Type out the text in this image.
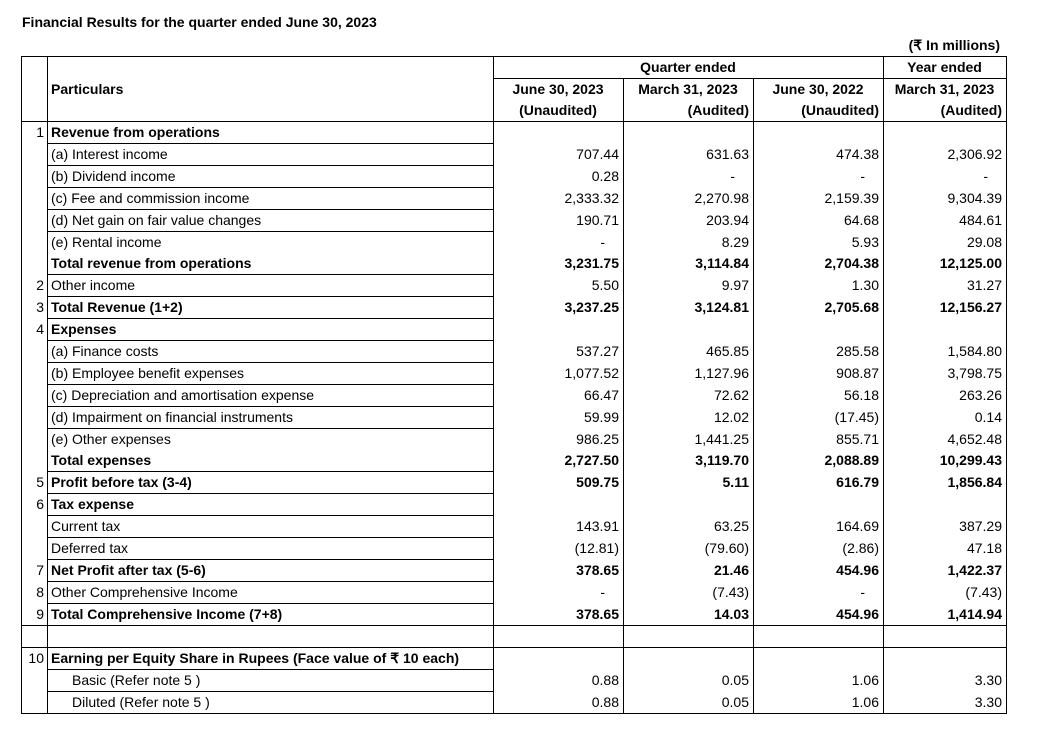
Financial Results for the quarter ended June 30, 2023
(₹ In millions)
			Quarter ended		Year ended
	Particulars	June 30, 2023	March 31, 2023	June 30, 2022	March 31, 2023
		(Unaudited)	(Audited)	(Unaudited)	(Audited)
1	Revenue from operations				
	(a) Interest income	707.44	631.63	474.38	2,306.92
	(b) Dividend income	0.28	-	-	-
	(c) Fee and commission income	2,333.32	2,270.98	2,159.39	9,304.39
	(d) Net gain on fair value changes	190.71	203.94	64.68	484.61
	(e) Rental income	-	8.29	5.93	29.08
	Total revenue from operations	3,231.75	3,114.84	2,704.38	12,125.00
2	Other income	5.50	9.97	1.30	31.27
3	Total Revenue (1+2)	3,237.25	3,124.81	2,705.68	12,156.27
4	Expenses				
	(a) Finance costs	537.27	465.85	285.58	1,584.80
	(b) Employee benefit expenses	1,077.52	1,127.96	908.87	3,798.75
	(c) Depreciation and amortisation expense	66.47	72.62	56.18	263.26
	(d) Impairment on financial instruments	59.99	12.02	(17.45)	0.14
	(e) Other expenses	986.25	1,441.25	855.71	4,652.48
	Total expenses	2,727.50	3,119.70	2,088.89	10,299.43
5	Profit before tax (3-4)	509.75	5.11	616.79	1,856.84
6	Tax expense				
	Current tax	143.91	63.25	164.69	387.29
	Deferred tax	(12.81)	(79.60)	(2.86)	47.18
7	Net Profit after tax (5-6)	378.65	21.46	454.96	1,422.37
8	Other Comprehensive Income	-	(7.43)	-	(7.43)
9	Total Comprehensive Income (7+8)	378.65	14.03	454.96	1,414.94

10	Earning per Equity Share in Rupees (Face value of ₹ 10 each)				
	Basic (Refer note 5 )	0.88	0.05	1.06	3.30
	Diluted (Refer note 5 )	0.88	0.05	1.06	3.30
